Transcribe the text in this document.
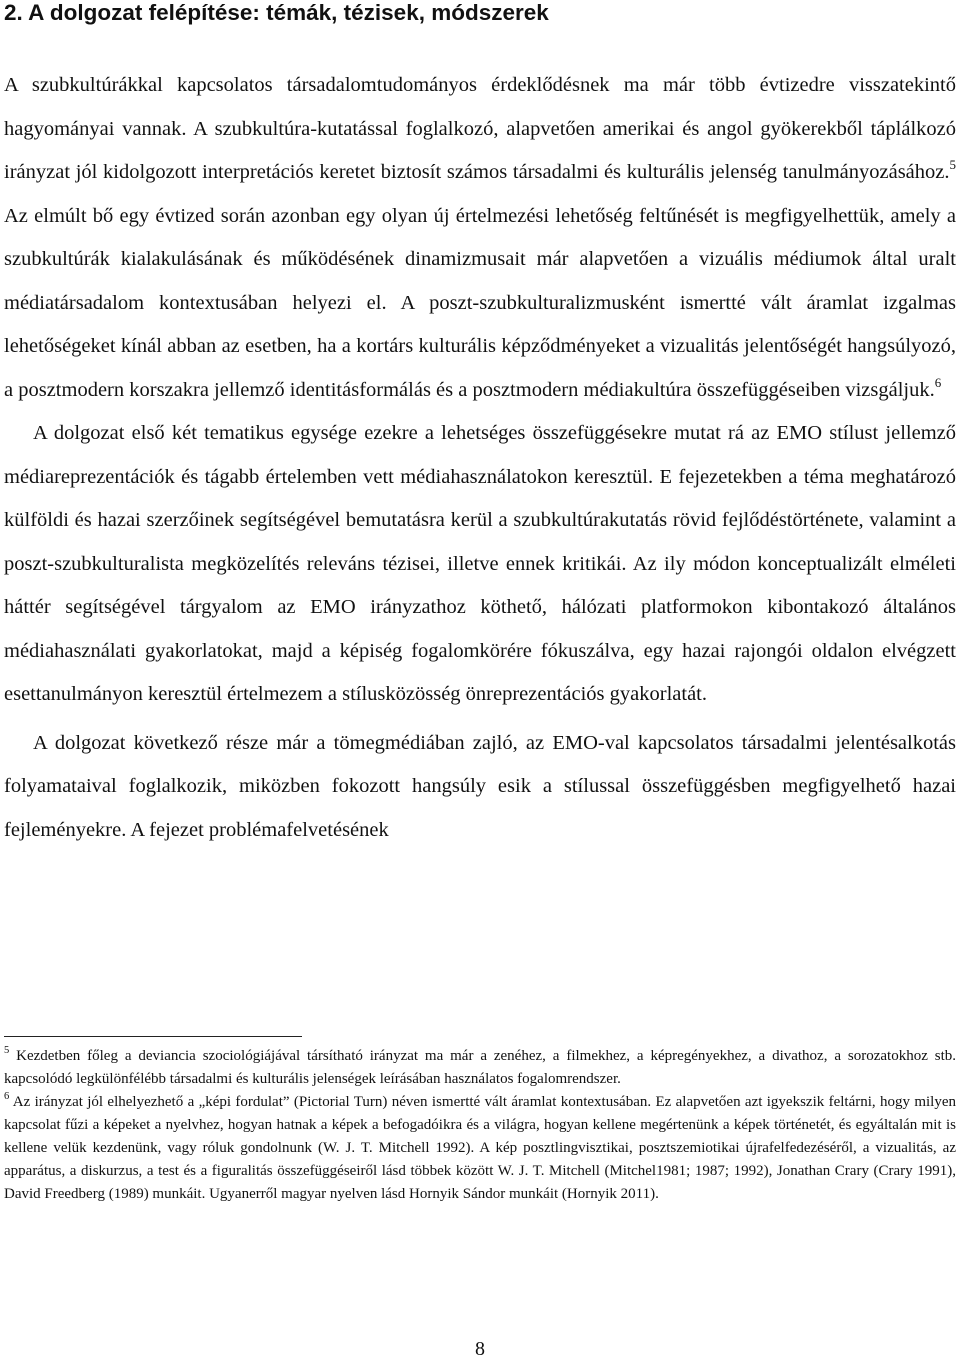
2. A dolgozat felépítése: témák, tézisek, módszerek

A szubkultúrákkal kapcsolatos társadalomtudományos érdeklődésnek ma már több évtizedre visszatekintő hagyományai vannak. A szubkultúra-kutatással foglalkozó, alapvetően amerikai és angol gyökerekből táplálkozó irányzat jól kidolgozott interpretációs keretet biztosít számos társadalmi és kulturális jelenség tanulmányozásához.$^5$ Az elmúlt bő egy évtized során azonban egy olyan új értelmezési lehetőség feltűnését is megfigyelhettük, amely a szubkultúrák kialakulásának és működésének dinamizmusait már alapvetően a vizuális médiumok által uralt médiatársadalom kontextusában helyezi el. A poszt-szubkulturalizmusként ismertté vált áramlat izgalmas lehetőségeket kínál abban az esetben, ha a kortárs kulturális képződményeket a vizualitás jelentőségét hangsúlyozó, a posztmodern korszakra jellemző identitásformálás és a posztmodern médiakultúra összefüggéseiben vizsgáljuk.$^6$

A dolgozat első két tematikus egysége ezekre a lehetséges összefüggésekre mutat rá az EMO stílust jellemző médiareprezentációk és tágabb értelemben vett médiahasználatokon keresztül. E fejezetekben a téma meghatározó külföldi és hazai szerzőinek segítségével bemutatásra kerül a szubkultúrakutatás rövid fejlődéstörténete, valamint a poszt-szubkulturalista megközelítés releváns tézisei, illetve ennek kritikái. Az ily módon konceptualizált elméleti háttér segítségével tárgyalom az EMO irányzathoz köthető, hálózati platformokon kibontakozó általános médiahasználati gyakorlatokat, majd a képiség fogalomkörére fókuszálva, egy hazai rajongói oldalon elvégzett esettanulmányon keresztül értelmezem a stílusközösség önreprezentációs gyakorlatát.

A dolgozat következő része már a tömegmédiában zajló, az EMO-val kapcsolatos társadalmi jelentésalkotás folyamataival foglalkozik, miközben fokozott hangsúly esik a stílussal összefüggésben megfigyelhető hazai fejleményekre. A fejezet problémafelvetésének

$^5$ Kezdetben főleg a deviancia szociológiájával társítható irányzat ma már a zenéhez, a filmekhez, a képregényekhez, a divathoz, a sorozatokhoz stb. kapcsolódó legkülönfélébb társadalmi és kulturális jelenségek leírásában használatos fogalomrendszer.

$^6$ Az irányzat jól elhelyezhető a „képi fordulat” (Pictorial Turn) néven ismertté vált áramlat kontextusában. Ez alapvetően azt igyekszik feltárni, hogy milyen kapcsolat fűzi a képeket a nyelvhez, hogyan hatnak a képek a befogadóikra és a világra, hogyan kellene megértenünk a képek történetét, és egyáltalán mit is kellene velük kezdenünk, vagy róluk gondolnunk (W. J. T. Mitchell 1992). A kép posztlingvisztikai, posztszemiotikai újrafelfedezéséről, a vizualitás, az apparátus, a diskurzus, a test és a figuralitás összefüggéseiről lásd többek között W. J. T. Mitchell (Mitchel1981; 1987; 1992), Jonathan Crary (Crary 1991), David Freedberg (1989) munkáit. Ugyanerről magyar nyelven lásd Hornyik Sándor munkáit (Hornyik 2011).

8
